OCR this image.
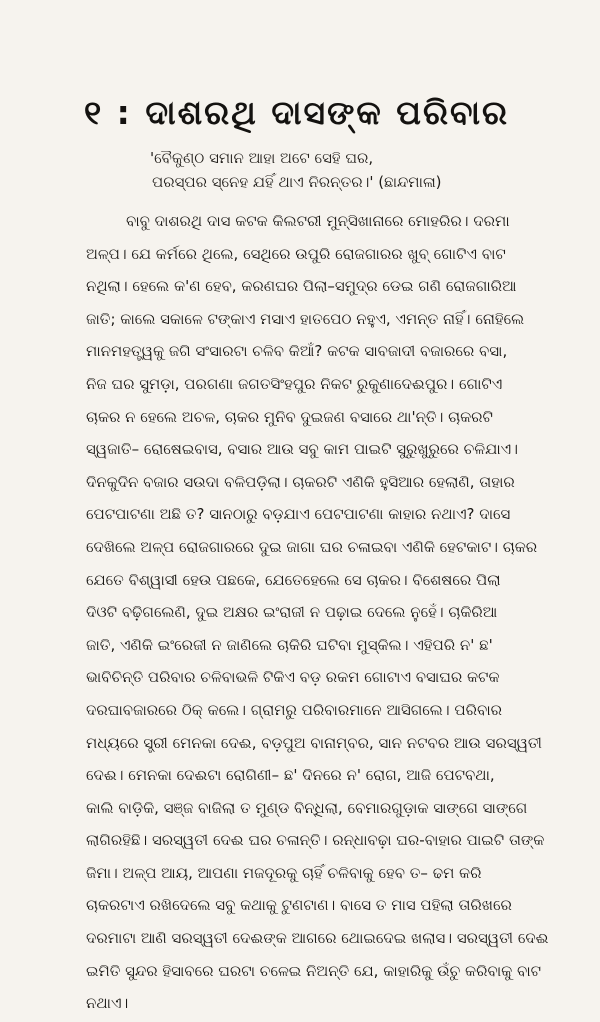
୧ : ଦାଶରଥି ଦାସଙ୍କ ପରିବାର
'ବୈକୁଣ୍ଠ ସମାନ ଆହା ଅଟେ ସେହି ଘର,
ପରସ୍ପର ସ୍ନେହ ଯହିଁ ଥାଏ ନିରନ୍ତର।' (ଛାନ୍ଦମାଳା)
ବାବୁ ଦାଶରଥି ଦାସ କଟକ କିଲଟରୀ ମୁନ୍‌ସିଖାନାରେ ମୋହରିର। ଦରମା
ଅଳ୍ପ। ଯେ କର୍ମରେ ଥିଲେ, ସେଥିରେ ଉପୁରି ରୋଜଗାରର ଖୁବ୍ ଗୋଟିଏ ବାଟ
ନଥିଲା। ହେଲେ କ'ଣ ହେବ, କରଣଘର ପିଲା–ସମୁଦ୍ର ଡେଇ ଗଣି ରୋଜଗାରିଆ
ଜାତି; କାଲେ ସକାଳେ ଟଙ୍କାଏ ମସାଏ ହାତପେଠ ନହୁଏ, ଏମନ୍ତ ନାହିଁ। ନୋହିଲେ
ମାନମହତ୍ତ୍ୱକୁ ଜଗି ସଂସାରଟା ଚଳିବ କିଆଁ? କଟକ ସାବଜାଦୀ ବଜାରରେ ବସା,
ନିଜ ଘର ସୁମଡ଼ା, ପରଗଣା ଜଗତସିଂହପୁର ନିକଟ ରୁକୁଣାଦେଈପୁର। ଗୋଟିଏ
ଚାକର ନ ହେଲେ ଅଚଳ, ଚାକର ମୁନିବ ଦୁଇଜଣ ବସାରେ ଥା'ନ୍ତି। ଚାକରଟି
ସ୍ୱଜାତି– ରୋଷେଇବାସ, ବସାର ଆଉ ସବୁ କାମ ପାଇଟି ସୁରୁଖୁରୁରେ ଚଳିଯାଏ।
ଦିନକୁଦିନ ବଜାର ସଉଦା ବଳିପଡ଼ିଲା। ଚାକରଟି ଏଣିକି ହୁସିଆର ହେଲାଣି, ତାହାର
ପେଟପାଟଣା ଅଛି ତ? ସାନଠାରୁ ବଡ଼ଯାଏ ପେଟପାଟଣା କାହାର ନଥାଏ? ଦାସେ
ଦେଖିଲେ ଅଳ୍ପ ରୋଜଗାରରେ ଦୁଇ ଜାଗା ଘର ଚଳାଇବା ଏଣିକି ହେଟକାଟ। ଚାକର
ଯେତେ ବିଶ୍ୱାସୀ ହେଉ ପଛକେ, ଯେତେହେଲେ ସେ ଚାକର। ବିଶେଷରେ ପିଲା
ଦିଓଟି ବଢ଼ିଗଲେଣି, ଦୁଇ ଅକ୍ଷର ଇଂରାଜୀ ନ ପଢ଼ାଇ ଦେଲେ ନୁହେଁ। ଚାକିରିଆ
ଜାତି, ଏଣିକି ଇଂରେଜୀ ନ ଜାଣିଲେ ଚାକିରି ଘଟିବା ମୁସ୍କିଲ। ଏହିପରି ନ' ଛ'
ଭାବିଚିନ୍ତି ପରିବାର ଚଳିବାଭଳି ଟିକିଏ ବଡ଼ ରକମ ଗୋଟାଏ ବସାଘର କଟକ
ଦରଘାବଜାରରେ ଠିକ୍ କଲେ। ଗ୍ରାମରୁ ପରିବାରମାନେ ଆସିଗଲେ। ପରିବାର
ମଧ୍ୟରେ ସ୍ତ୍ରୀ ମେନକା ଦେଈ, ବଡ଼ପୁଅ ବାନାମ୍ବର, ସାନ ନଟବର ଆଉ ସରସ୍ୱତୀ
ଦେଈ। ମେନକା ଦେଈଟା ରୋଗିଣୀ– ଛ' ଦିନରେ ନ' ରୋଗ, ଆଜି ପେଟବଥା,
କାଲି ବାଡ଼ିକି, ସଞ୍ଜ ବାଜିଲା ତ ମୁଣ୍ଡ ବିନ୍ଧିଲା, ବେମାରଗୁଡ଼ାକ ସାଙ୍ଗେ ସାଙ୍ଗେ
ଲାଗିରହିଛି। ସରସ୍ୱତୀ ଦେଈ ଘର ଚଳାନ୍ତି। ରନ୍ଧାବଢ଼ା ଘର-ବାହାର ପାଇଟି ତାଙ୍କ
ଜିମା। ଅଳ୍ପ ଆୟ, ଆପଣା ମଜଦୂରକୁ ଚାହିଁ ଚଳିବାକୁ ହେବ ତ– ଢମ କରି
ଚାକରଟାଏ ରଖିଦେଲେ ସବୁ କଥାକୁ ଟୁଣଟାଣ। ବାସେ ତ ମାସ ପହିଲା ତାରିଖରେ
ଦରମାଟା ଆଣି ସରସ୍ୱତୀ ଦେଈଙ୍କ ଆଗରେ ଥୋଇଦେଇ ଖଲାସ। ସରସ୍ୱତୀ ଦେଈ
ଇମିତି ସୁନ୍ଦର ହିସାବରେ ଘରଟା ଚଳେଇ ନିଅନ୍ତି ଯେ, କାହାରିକୁ ଉଁଚୁ କରିବାକୁ ବାଟ
ନଥାଏ।
